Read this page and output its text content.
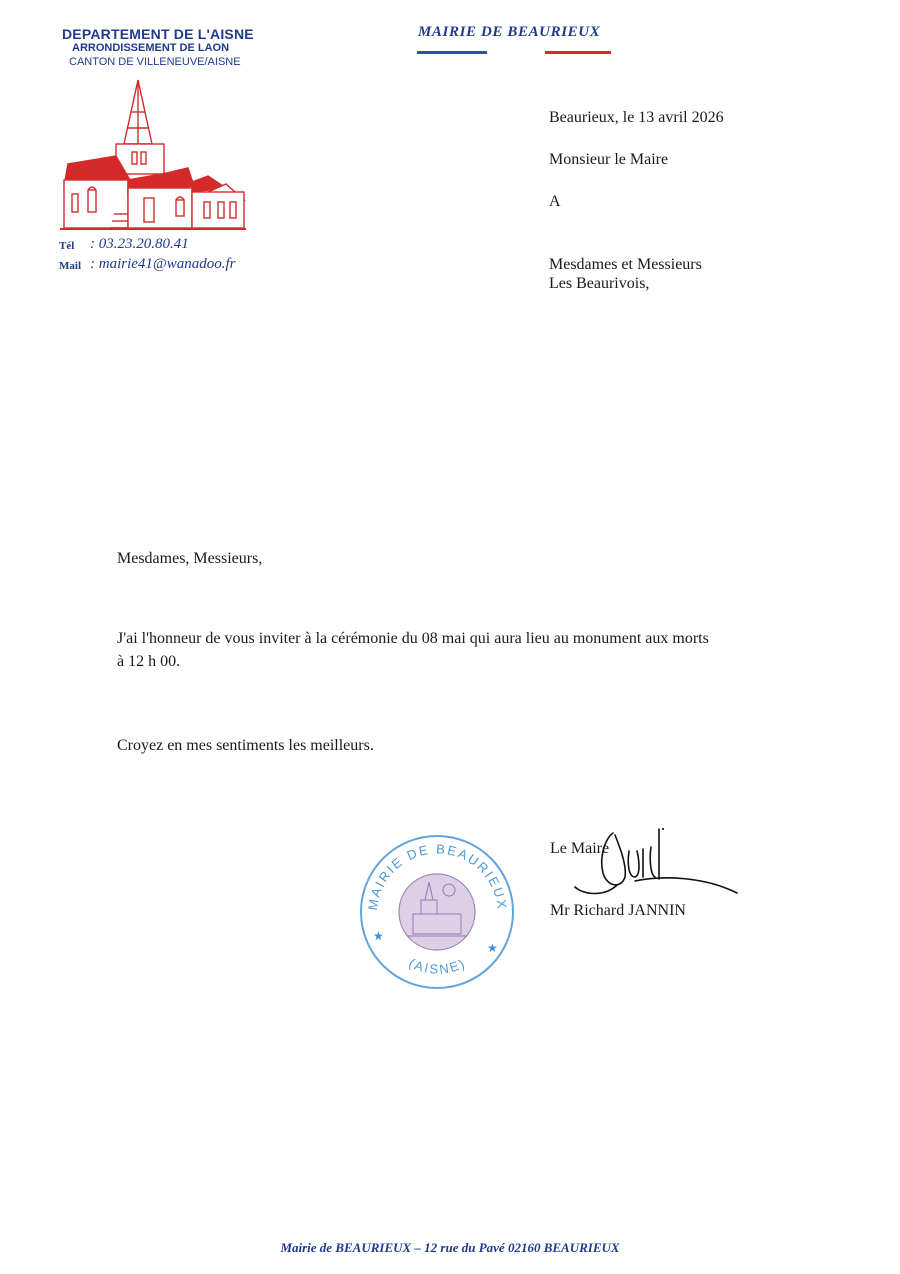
DEPARTEMENT DE L'AISNE
ARRONDISSEMENT DE LAON
CANTON DE VILLENEUVE/AISNE
Tél : 03.23.20.80.41
Mail : mairie41@wanadoo.fr
MAIRIE DE BEAURIEUX
Beaurieux, le 13 avril 2026
Monsieur le Maire
A
Mesdames et Messieurs
Les Beaurivois,
Mesdames, Messieurs,
J'ai l'honneur de vous inviter à la cérémonie du 08 mai qui aura lieu au monument aux morts
à 12 h 00.
Croyez en mes sentiments les meilleurs.
MAIRIE DE BEAURIEUX
(AISNE)
★
★
Le Maire
Mr Richard JANNIN
Mairie de BEAURIEUX – 12 rue du Pavé 02160 BEAURIEUX
